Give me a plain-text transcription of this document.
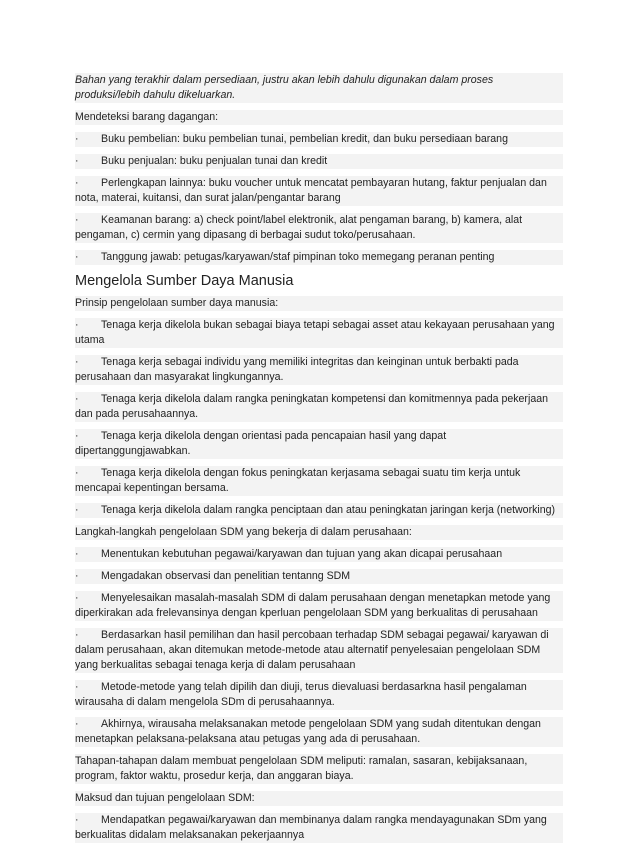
Bahan yang terakhir dalam persediaan, justru akan lebih dahulu digunakan dalam proses produksi/lebih dahulu dikeluarkan.
Mendeteksi barang dagangan:
· Buku pembelian: buku pembelian tunai, pembelian kredit, dan buku persediaan barang
· Buku penjualan: buku penjualan tunai dan kredit
· Perlengkapan lainnya: buku voucher untuk mencatat pembayaran hutang, faktur penjualan dan nota, materai, kuitansi, dan surat jalan/pengantar barang
· Keamanan barang: a) check point/label elektronik, alat pengaman barang, b) kamera, alat pengaman, c) cermin yang dipasang di berbagai sudut toko/perusahaan.
· Tanggung jawab: petugas/karyawan/staf pimpinan toko memegang peranan penting
Mengelola Sumber Daya Manusia
Prinsip pengelolaan sumber daya manusia:
· Tenaga kerja dikelola bukan sebagai biaya tetapi sebagai asset atau kekayaan perusahaan yang utama
· Tenaga kerja sebagai individu yang memiliki integritas dan keinginan untuk berbakti pada perusahaan dan masyarakat lingkungannya.
· Tenaga kerja dikelola dalam rangka peningkatan kompetensi dan komitmennya pada pekerjaan dan pada perusahaannya.
· Tenaga kerja dikelola dengan orientasi pada pencapaian hasil yang dapat dipertanggungjawabkan.
· Tenaga kerja dikelola dengan fokus peningkatan kerjasama sebagai suatu tim kerja untuk mencapai kepentingan bersama.
· Tenaga kerja dikelola dalam rangka penciptaan dan atau peningkatan jaringan kerja (networking)
Langkah-langkah pengelolaan SDM yang bekerja di dalam perusahaan:
· Menentukan kebutuhan pegawai/karyawan dan tujuan yang akan dicapai perusahaan
· Mengadakan observasi dan penelitian tentanng SDM
· Menyelesaikan masalah-masalah SDM di dalam perusahaan dengan menetapkan metode yang diperkirakan ada frelevansinya dengan kperluan pengelolaan SDM yang berkualitas di perusahaan
· Berdasarkan hasil pemilihan dan hasil percobaan terhadap SDM sebagai pegawai/ karyawan di dalam perusahaan, akan ditemukan metode-metode atau alternatif penyelesaian pengelolaan SDM yang berkualitas sebagai tenaga kerja di dalam perusahaan
· Metode-metode yang telah dipilih dan diuji, terus dievaluasi berdasarkna hasil pengalaman wirausaha di dalam mengelola SDm di perusahaannya.
· Akhirnya, wirausaha melaksanakan metode pengelolaan SDM yang sudah ditentukan dengan menetapkan pelaksana-pelaksana atau petugas yang ada di perusahaan.
Tahapan-tahapan dalam membuat pengelolaan SDM meliputi: ramalan, sasaran, kebijaksanaan, program, faktor waktu, prosedur kerja, dan anggaran biaya.
Maksud dan tujuan pengelolaan SDM:
· Mendapatkan pegawai/karyawan dan membinanya dalam rangka mendayagunakan SDm yang berkualitas didalam melaksanakan pekerjaannya
